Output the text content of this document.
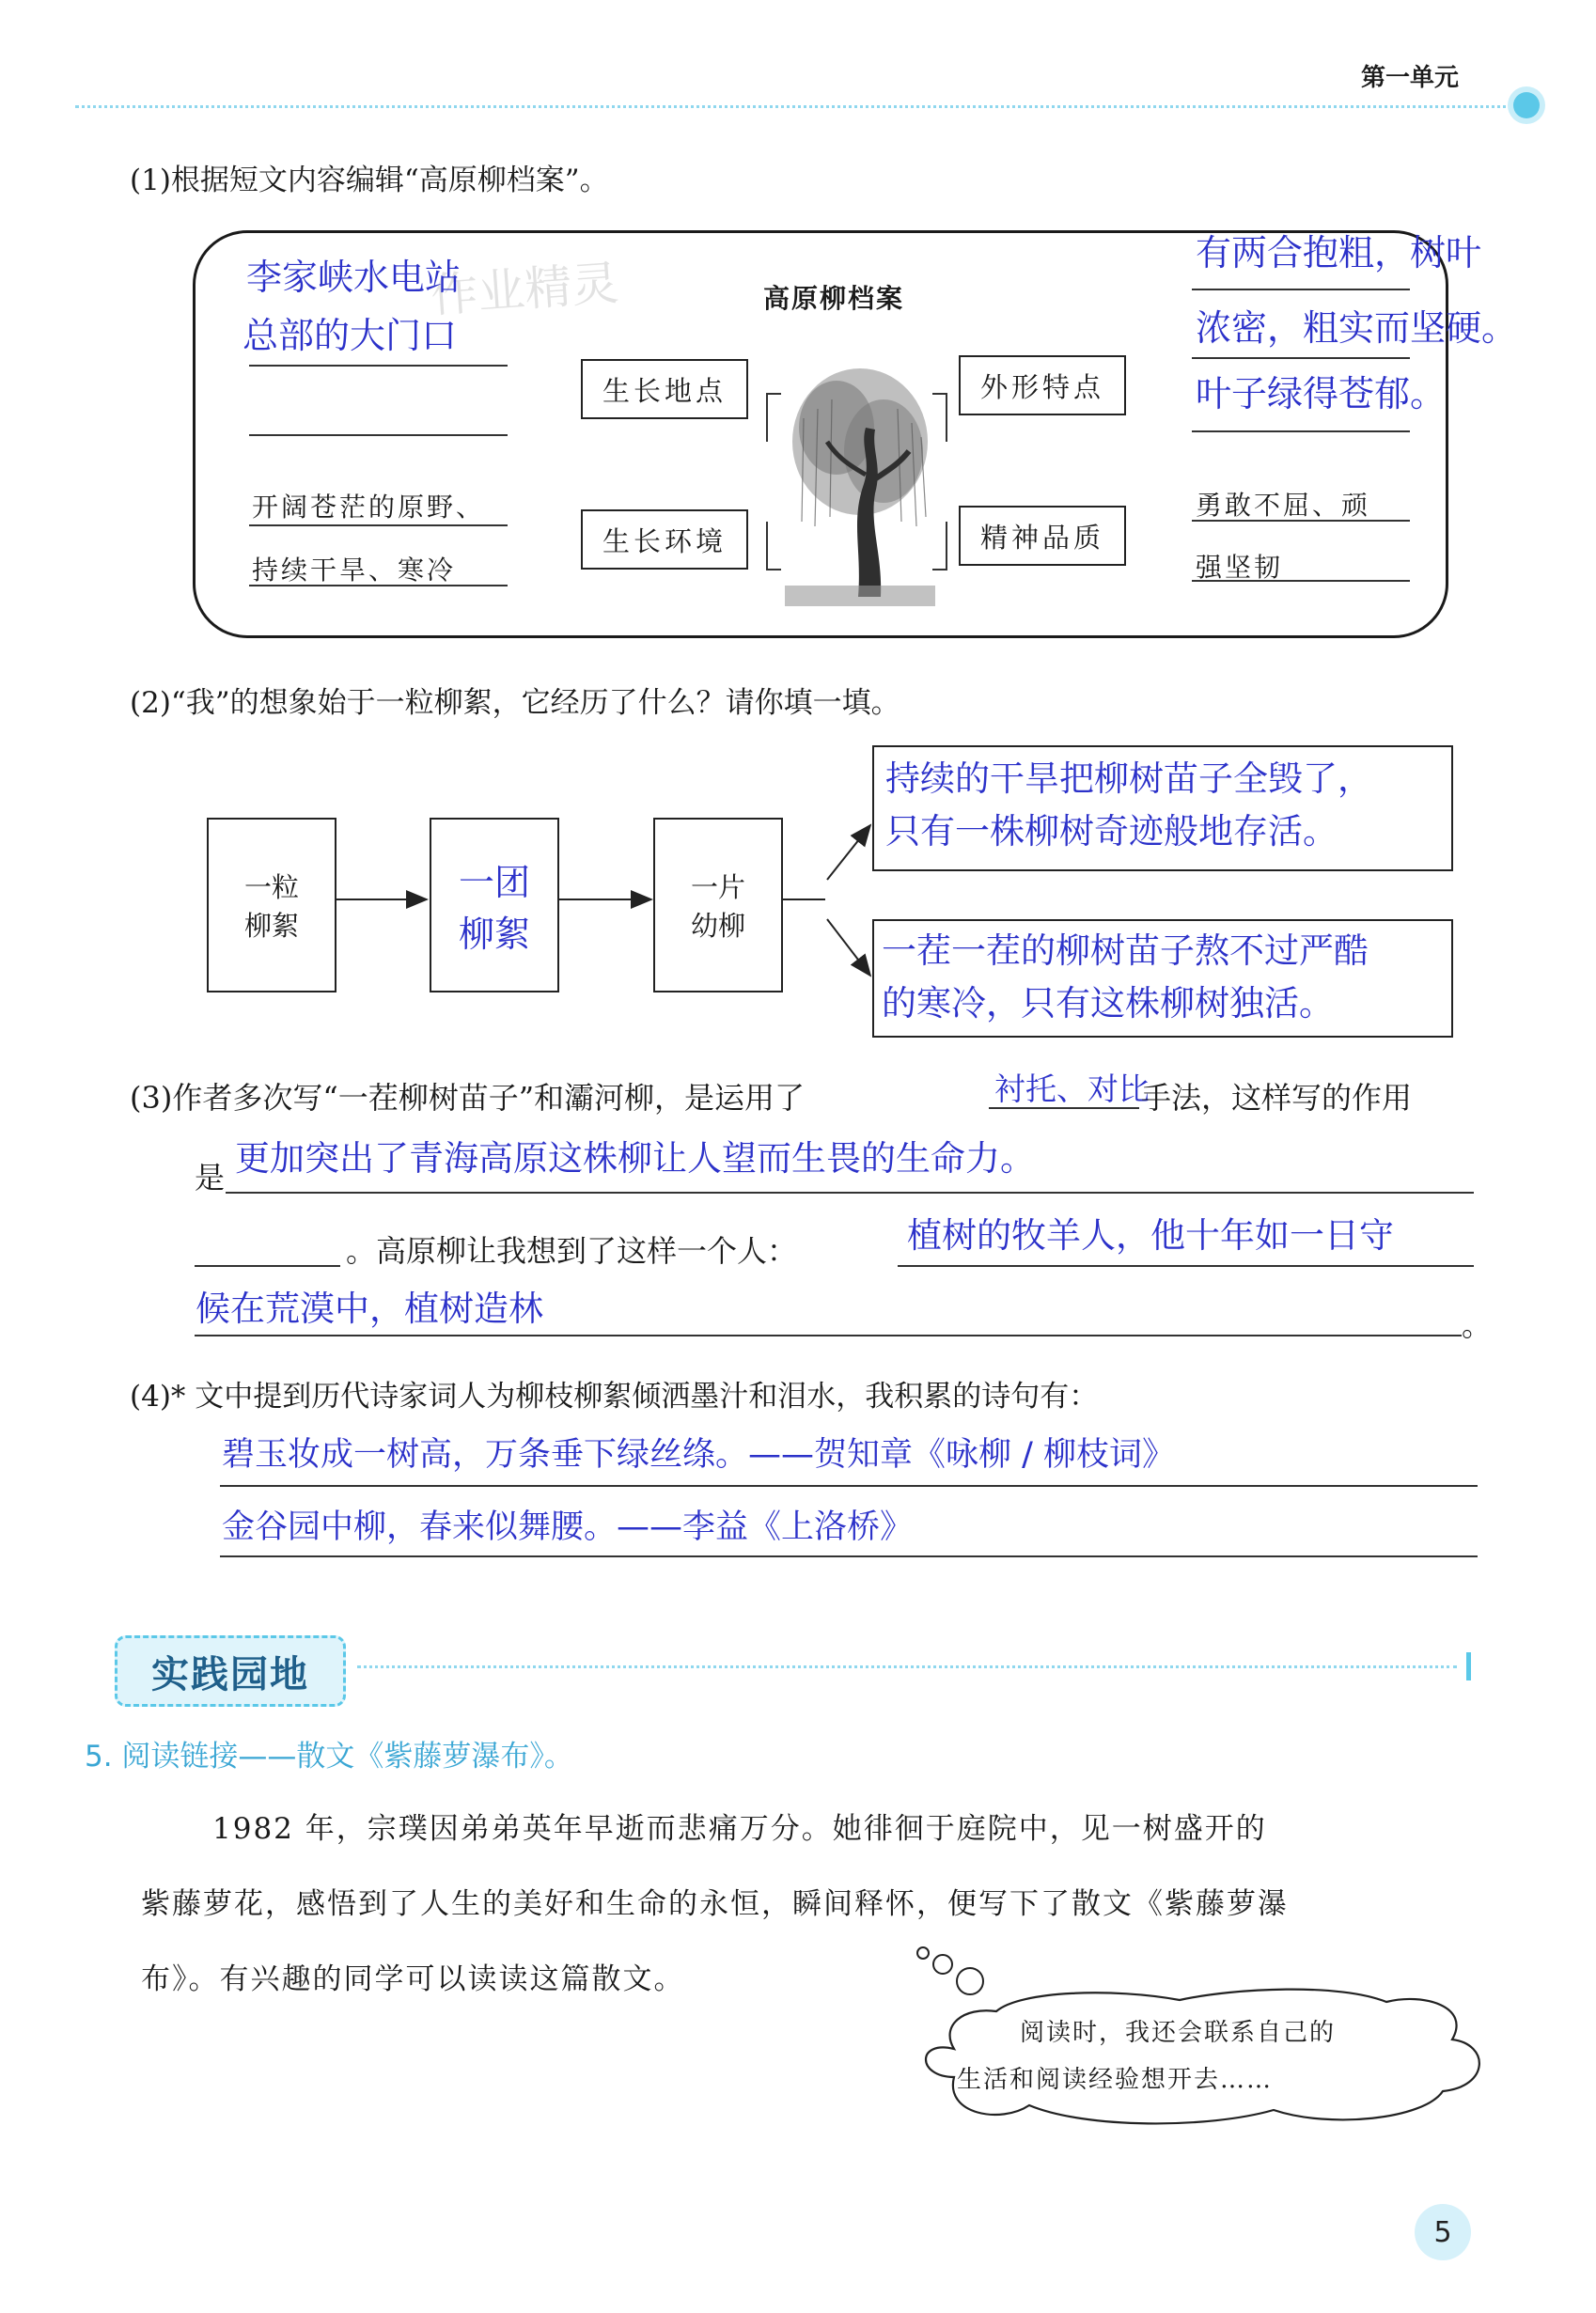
第一单元
(1)根据短文内容编辑“高原柳档案”。
高原柳档案
作业精灵
李家峡水电站
总部的大门口
开阔苍茫的原野、
持续干旱、寒冷
生长地点
生长环境
外形特点
精神品质
有两合抱粗，树叶
浓密，粗实而坚硬。
叶子绿得苍郁。
勇敢不屈、顽
强坚韧
(2)“我”的想象始于一粒柳絮，它经历了什么？请你填一填。
一粒
柳絮
一团
柳絮
一片
幼柳
持续的干旱把柳树苗子全毁了，
只有一株柳树奇迹般地存活。
一茬一茬的柳树苗子熬不过严酷
的寒冷，只有这株柳树独活。
(3)作者多次写“一茬柳树苗子”和灞河柳，是运用了	衬托、对比
手法，这样写的作用
是 更加突出了青海高原这株柳让人望而生畏的生命力。
。高原柳让我想到了这样一个人：	植树的牧羊人，他十年如一日守
候在荒漠中，植树造林	。
(4)* 文中提到历代诗家词人为柳枝柳絮倾洒墨汁和泪水，我积累的诗句有：
碧玉妆成一树高，万条垂下绿丝绦。——贺知章《咏柳 / 柳枝词》
金谷园中柳，春来似舞腰。——李益《上洛桥》
实践园地
5. 阅读链接——散文《紫藤萝瀑布》。
1982 年，宗璞因弟弟英年早逝而悲痛万分。她徘徊于庭院中，见一树盛开的
紫藤萝花，感悟到了人生的美好和生命的永恒，瞬间释怀，便写下了散文《紫藤萝瀑
布》。有兴趣的同学可以读读这篇散文。
阅读时，我还会联系自己的
生活和阅读经验想开去……
5
